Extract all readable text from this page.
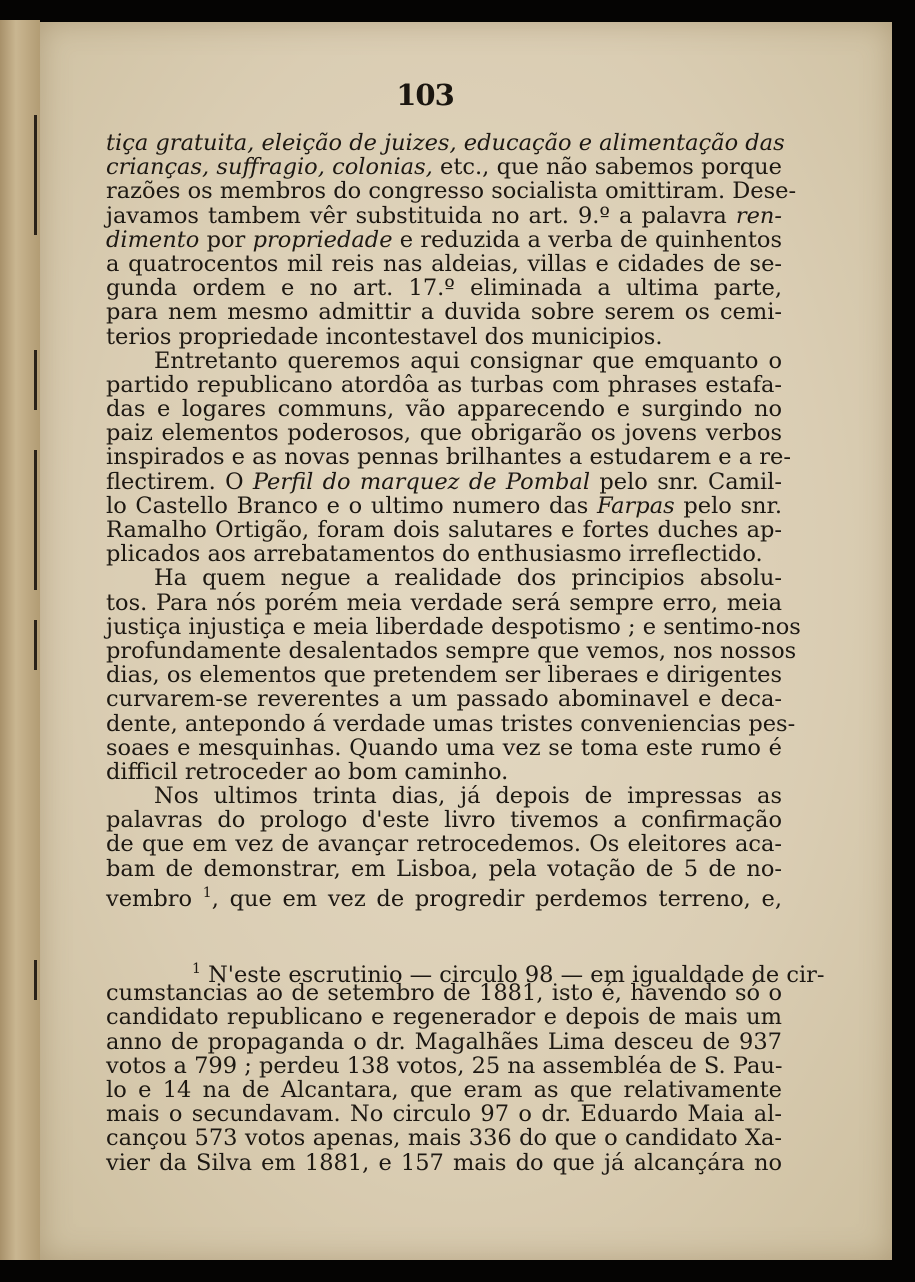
103
tiça gratuita, eleição de juizes, educação e alimentação das
crianças, suffragio, colonias, etc., que não sabemos porque
razões os membros do congresso socialista omittiram. Dese-
javamos tambem vêr substituida no art. 9.º a palavra ren-
dimento por propriedade e reduzida a verba de quinhentos
a quatrocentos mil reis nas aldeias, villas e cidades de se-
gunda ordem e no art. 17.º eliminada a ultima parte,
para nem mesmo admittir a duvida sobre serem os cemi-
terios propriedade incontestavel dos municipios.
Entretanto queremos aqui consignar que emquanto o
partido republicano atordôa as turbas com phrases estafa-
das e logares communs, vão apparecendo e surgindo no
paiz elementos poderosos, que obrigarão os jovens verbos
inspirados e as novas pennas brilhantes a estudarem e a re-
flectirem. O Perfil do marquez de Pombal pelo snr. Camil-
lo Castello Branco e o ultimo numero das Farpas pelo snr.
Ramalho Ortigão, foram dois salutares e fortes duches ap-
plicados aos arrebatamentos do enthusiasmo irreflectido.
Ha quem negue a realidade dos principios absolu-
tos. Para nós porém meia verdade será sempre erro, meia
justiça injustiça e meia liberdade despotismo ; e sentimo-nos
profundamente desalentados sempre que vemos, nos nossos
dias, os elementos que pretendem ser liberaes e dirigentes
curvarem-se reverentes a um passado abominavel e deca-
dente, antepondo á verdade umas tristes conveniencias pes-
soaes e mesquinhas. Quando uma vez se toma este rumo é
difficil retroceder ao bom caminho.
Nos ultimos trinta dias, já depois de impressas as
palavras do prologo d'este livro tivemos a confirmação
de que em vez de avançar retrocedemos. Os eleitores aca-
bam de demonstrar, em Lisboa, pela votação de 5 de no-
vembro $^1$, que em vez de progredir perdemos terreno, e,
$^1$ N'este escrutinio — circulo 98 — em igualdade de cir-
cumstancias ao de setembro de 1881, isto é, havendo só o
candidato republicano e regenerador e depois de mais um
anno de propaganda o dr. Magalhães Lima desceu de 937
votos a 799 ; perdeu 138 votos, 25 na assembléa de S. Pau-
lo e 14 na de Alcantara, que eram as que relativamente
mais o secundavam. No circulo 97 o dr. Eduardo Maia al-
cançou 573 votos apenas, mais 336 do que o candidato Xa-
vier da Silva em 1881, e 157 mais do que já alcançára no
